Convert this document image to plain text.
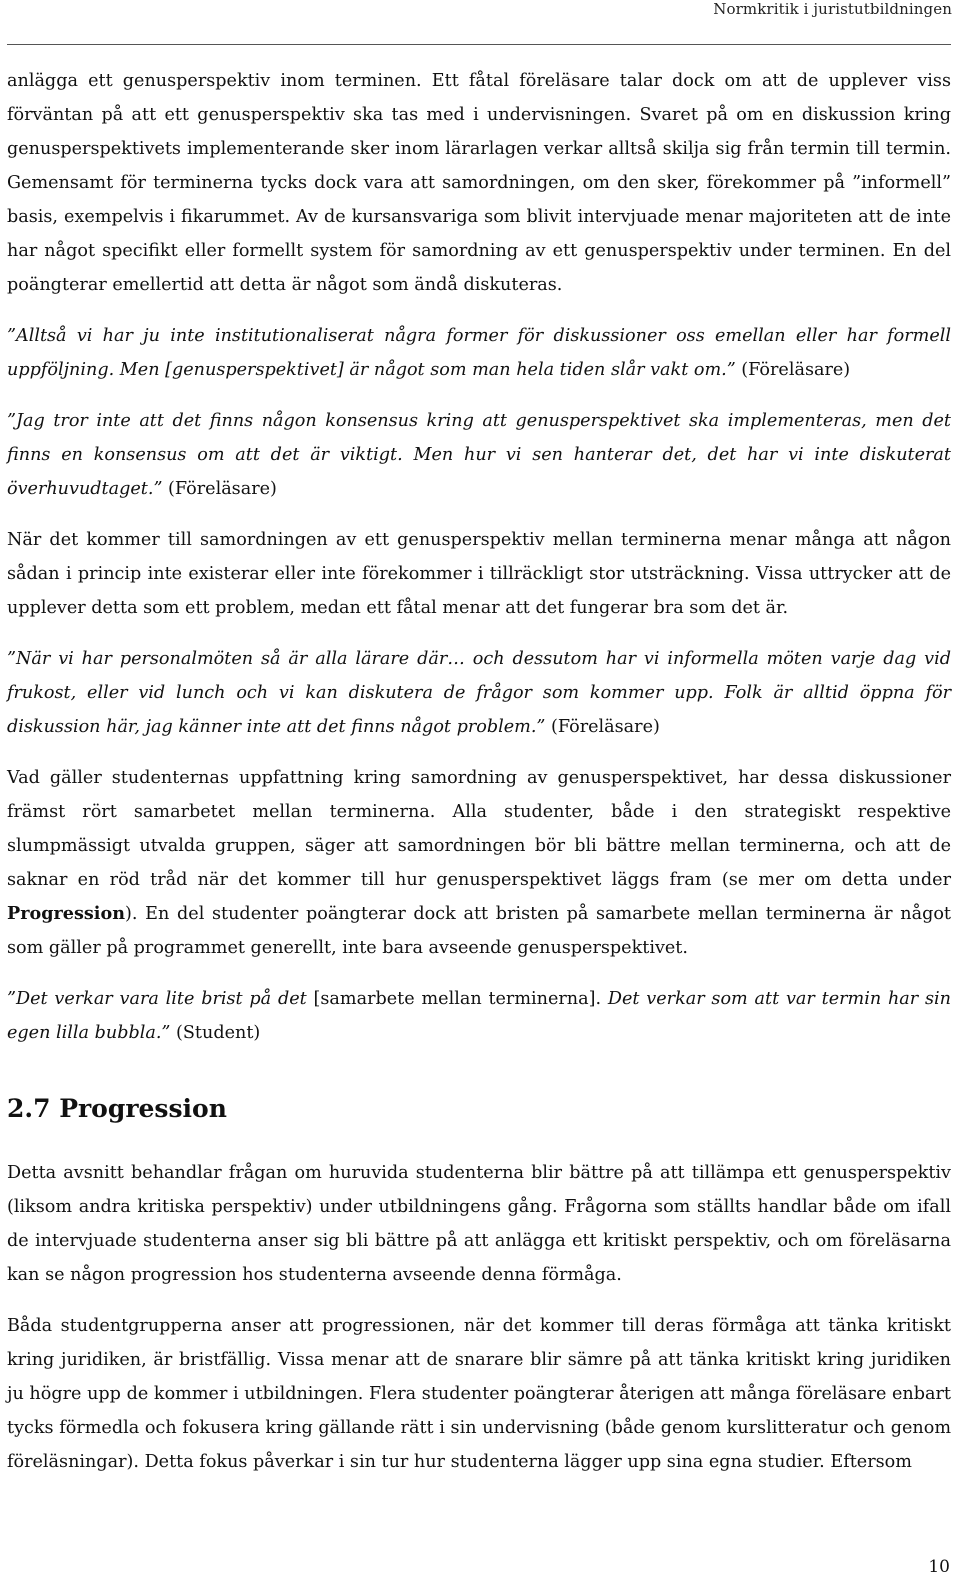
Normkritik i juristutbildningen

anlägga ett genusperspektiv inom terminen. Ett fåtal föreläsare talar dock om att de upplever viss förväntan på att ett genusperspektiv ska tas med i undervisningen. Svaret på om en diskussion kring genusperspektivets implementerande sker inom lärarlagen verkar alltså skilja sig från termin till termin. Gemensamt för terminerna tycks dock vara att samordningen, om den sker, förekommer på ”informell” basis, exempelvis i fikarummet. Av de kursansvariga som blivit intervjuade menar majoriteten att de inte har något specifikt eller formellt system för samordning av ett genusperspektiv under terminen. En del poängterar emellertid att detta är något som ändå diskuteras.

”Alltså vi har ju inte institutionaliserat några former för diskussioner oss emellan eller har formell uppföljning. Men [genusperspektivet] är något som man hela tiden slår vakt om.” (Föreläsare)

”Jag tror inte att det finns någon konsensus kring att genusperspektivet ska implementeras, men det finns en konsensus om att det är viktigt. Men hur vi sen hanterar det, det har vi inte diskuterat överhuvudtaget.” (Föreläsare)

När det kommer till samordningen av ett genusperspektiv mellan terminerna menar många att någon sådan i princip inte existerar eller inte förekommer i tillräckligt stor utsträckning. Vissa uttrycker att de upplever detta som ett problem, medan ett fåtal menar att det fungerar bra som det är.

”När vi har personalmöten så är alla lärare där… och dessutom har vi informella möten varje dag vid frukost, eller vid lunch och vi kan diskutera de frågor som kommer upp. Folk är alltid öppna för diskussion här, jag känner inte att det finns något problem.” (Föreläsare)

Vad gäller studenternas uppfattning kring samordning av genusperspektivet, har dessa diskussioner främst rört samarbetet mellan terminerna. Alla studenter, både i den strategiskt respektive slumpmässigt utvalda gruppen, säger att samordningen bör bli bättre mellan terminerna, och att de saknar en röd tråd när det kommer till hur genusperspektivet läggs fram (se mer om detta under Progression). En del studenter poängterar dock att bristen på samarbete mellan terminerna är något som gäller på programmet generellt, inte bara avseende genusperspektivet.

”Det verkar vara lite brist på det [samarbete mellan terminerna]. Det verkar som att var termin har sin egen lilla bubbla.” (Student)

2.7 Progression

Detta avsnitt behandlar frågan om huruvida studenterna blir bättre på att tillämpa ett genusperspektiv (liksom andra kritiska perspektiv) under utbildningens gång. Frågorna som ställts handlar både om ifall de intervjuade studenterna anser sig bli bättre på att anlägga ett kritiskt perspektiv, och om föreläsarna kan se någon progression hos studenterna avseende denna förmåga.

Båda studentgrupperna anser att progressionen, när det kommer till deras förmåga att tänka kritiskt kring juridiken, är bristfällig. Vissa menar att de snarare blir sämre på att tänka kritiskt kring juridiken ju högre upp de kommer i utbildningen. Flera studenter poängterar återigen att många föreläsare enbart tycks förmedla och fokusera kring gällande rätt i sin undervisning (både genom kurslitteratur och genom föreläsningar). Detta fokus påverkar i sin tur hur studenterna lägger upp sina egna studier. Eftersom

10
